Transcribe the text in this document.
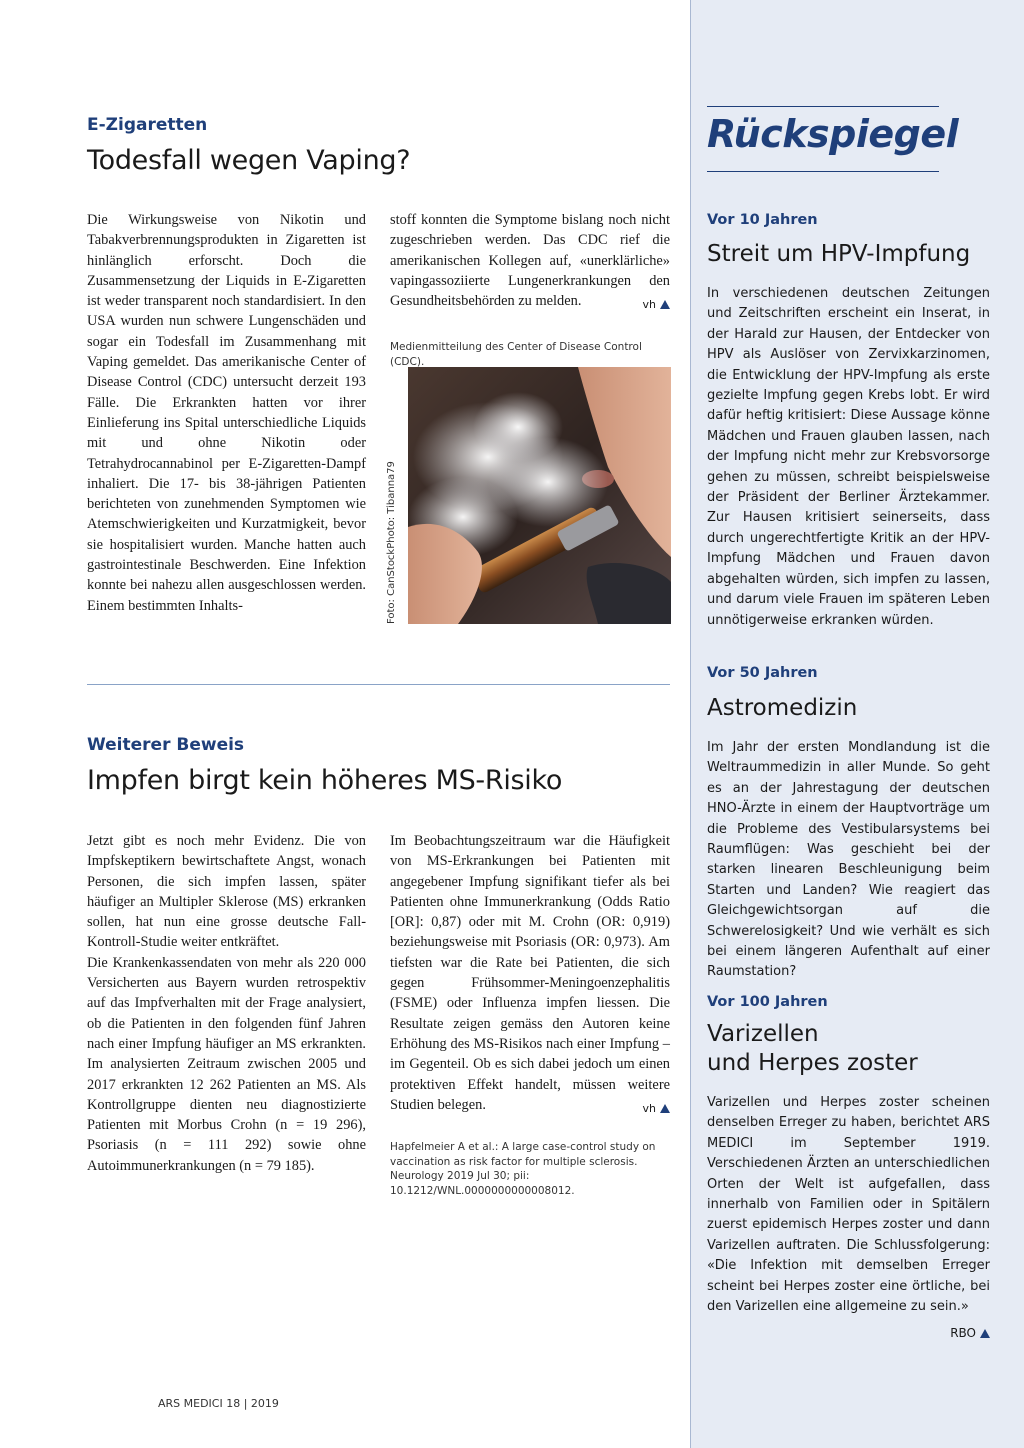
E-Zigaretten
Todesfall wegen Vaping?

Die Wirkungsweise von Nikotin und Tabakverbrennungsprodukten in Zigaretten ist hinlänglich erforscht. Doch die Zusammensetzung der Liquids in E-Zigaretten ist weder transparent noch standardisiert. In den USA wurden nun schwere Lungenschäden und sogar ein Todesfall im Zusammenhang mit Vaping gemeldet. Das amerikanische Center of Disease Control (CDC) untersucht derzeit 193 Fälle. Die Erkrankten hatten vor ihrer Einlieferung ins Spital unterschiedliche Liquids mit und ohne Nikotin oder Tetrahydrocannabinol per E-Zigaretten-Dampf inhaliert. Die 17- bis 38-jährigen Patienten berichteten von zunehmenden Symptomen wie Atemschwierigkeiten und Kurzatmigkeit, bevor sie hospitalisiert wurden. Manche hatten auch gastrointestinale Beschwerden. Eine Infektion konnte bei nahezu allen ausgeschlossen werden. Einem bestimmten Inhalts-

stoff konnten die Symptome bislang noch nicht zugeschrieben werden. Das CDC rief die amerikanischen Kollegen auf, «unerklärliche» vapingassoziierte Lungenerkrankungen den Gesundheitsbehörden zu melden.	vh

Medienmitteilung des Center of Disease Control (CDC).
Foto: CanStockPhoto: Tibanna79
Weiterer Beweis
Impfen birgt kein höheres MS-Risiko

Jetzt gibt es noch mehr Evidenz. Die von Impfskeptikern bewirtschaftete Angst, wonach Personen, die sich impfen lassen, später häufiger an Multipler Sklerose (MS) erkranken sollen, hat nun eine grosse deutsche Fall-Kontroll-Studie weiter entkräftet.

Die Krankenkassendaten von mehr als 220 000 Versicherten aus Bayern wurden retrospektiv auf das Impfverhalten mit der Frage analysiert, ob die Patienten in den folgenden fünf Jahren nach einer Impfung häufiger an MS erkrankten. Im analysierten Zeitraum zwischen 2005 und 2017 erkrankten 12 262 Patienten an MS. Als Kontrollgruppe dienten neu diagnostizierte Patienten mit Morbus Crohn (n = 19 296), Psoriasis (n = 111 292) sowie ohne Autoimmunerkrankungen (n = 79 185).

Im Beobachtungszeitraum war die Häufigkeit von MS-Erkrankungen bei Patienten mit angegebener Impfung signifikant tiefer als bei Patienten ohne Immunerkrankung (Odds Ratio [OR]: 0,87) oder mit M. Crohn (OR: 0,919) beziehungsweise mit Psoriasis (OR: 0,973). Am tiefsten war die Rate bei Patienten, die sich gegen Frühsommer-Meningoenzephalitis (FSME) oder Influenza impfen liessen. Die Resultate zeigen gemäss den Autoren keine Erhöhung des MS-Risikos nach einer Impfung – im Gegenteil. Ob es sich dabei jedoch um einen protektiven Effekt handelt, müssen weitere Studien belegen.	vh

Hapfelmeier A et al.: A large case-control study on vaccination as risk factor for multiple sclerosis. Neurology 2019 Jul 30; pii: 10.1212/WNL.0000000000008012.
Rückspiegel
Vor 10 Jahren
Streit um HPV-Impfung
In verschiedenen deutschen Zeitungen und Zeitschriften erscheint ein Inserat, in der Harald zur Hausen, der Entdecker von HPV als Auslöser von Zervixkarzinomen, die Entwicklung der HPV-Impfung als erste gezielte Impfung gegen Krebs lobt. Er wird dafür heftig kritisiert: Diese Aussage könne Mädchen und Frauen glauben lassen, nach der Impfung nicht mehr zur Krebsvorsorge gehen zu müssen, schreibt beispielsweise der Präsident der Berliner Ärztekammer. Zur Hausen kritisiert seinerseits, dass durch ungerechtfertigte Kritik an der HPV-Impfung Mädchen und Frauen davon abgehalten würden, sich impfen zu lassen, und darum viele Frauen im späteren Leben unnötigerweise erkranken würden.
Vor 50 Jahren
Astromedizin
Im Jahr der ersten Mondlandung ist die Weltraummedizin in aller Munde. So geht es an der Jahrestagung der deutschen HNO-Ärzte in einem der Hauptvorträge um die Probleme des Vestibularsystems bei Raumflügen: Was geschieht bei der starken linearen Beschleunigung beim Starten und Landen? Wie reagiert das Gleichgewichtsorgan auf die Schwerelosigkeit? Und wie verhält es sich bei einem längeren Aufenthalt auf einer Raumstation?
Vor 100 Jahren
Varizellen
und Herpes zoster
Varizellen und Herpes zoster scheinen denselben Erreger zu haben, berichtet ARS MEDICI im September 1919. Verschiedenen Ärzten an unterschiedlichen Orten der Welt ist aufgefallen, dass innerhalb von Familien oder in Spitälern zuerst epidemisch Herpes zoster und dann Varizellen auftraten. Die Schlussfolgerung: «Die Infektion mit demselben Erreger scheint bei Herpes zoster eine örtliche, bei den Varizellen eine allgemeine zu sein.»
RBO
ARS MEDICI 18 | 2019
